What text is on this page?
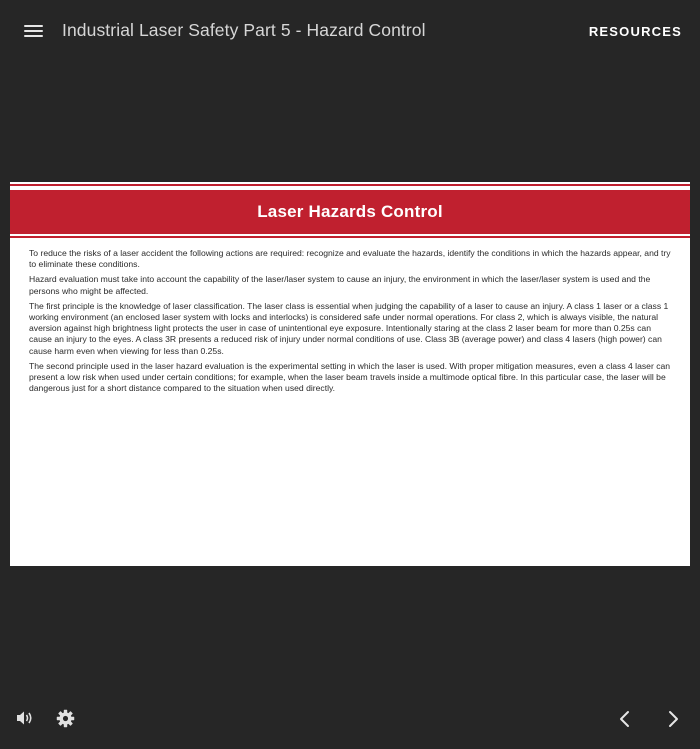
Industrial Laser Safety Part 5 - Hazard Control	RESOURCES
Laser Hazards Control

To reduce the risks of a laser accident the following actions are required: recognize and evaluate the hazards, identify the conditions in which the hazards appear, and try to eliminate these conditions.

Hazard evaluation must take into account the capability of the laser/laser system to cause an injury, the environment in which the laser/laser system is used and the persons who might be affected.

The first principle is the knowledge of laser classification. The laser class is essential when judging the capability of a laser to cause an injury. A class 1 laser or a class 1 working environment (an enclosed laser system with locks and interlocks) is considered safe under normal operations. For class 2, which is always visible, the natural aversion against high brightness light protects the user in case of unintentional eye exposure. Intentionally staring at the class 2 laser beam for more than 0.25s can cause an injury to the eyes. A class 3R presents a reduced risk of injury under normal conditions of use. Class 3B (average power) and class 4 lasers (high power) can cause harm even when viewing for less than 0.25s.

The second principle used in the laser hazard evaluation is the experimental setting in which the laser is used. With proper mitigation measures, even a class 4 laser can present a low risk when used under certain conditions; for example, when the laser beam travels inside a multimode optical fibre. In this particular case, the laser will be dangerous just for a short distance compared to the situation when used directly.
